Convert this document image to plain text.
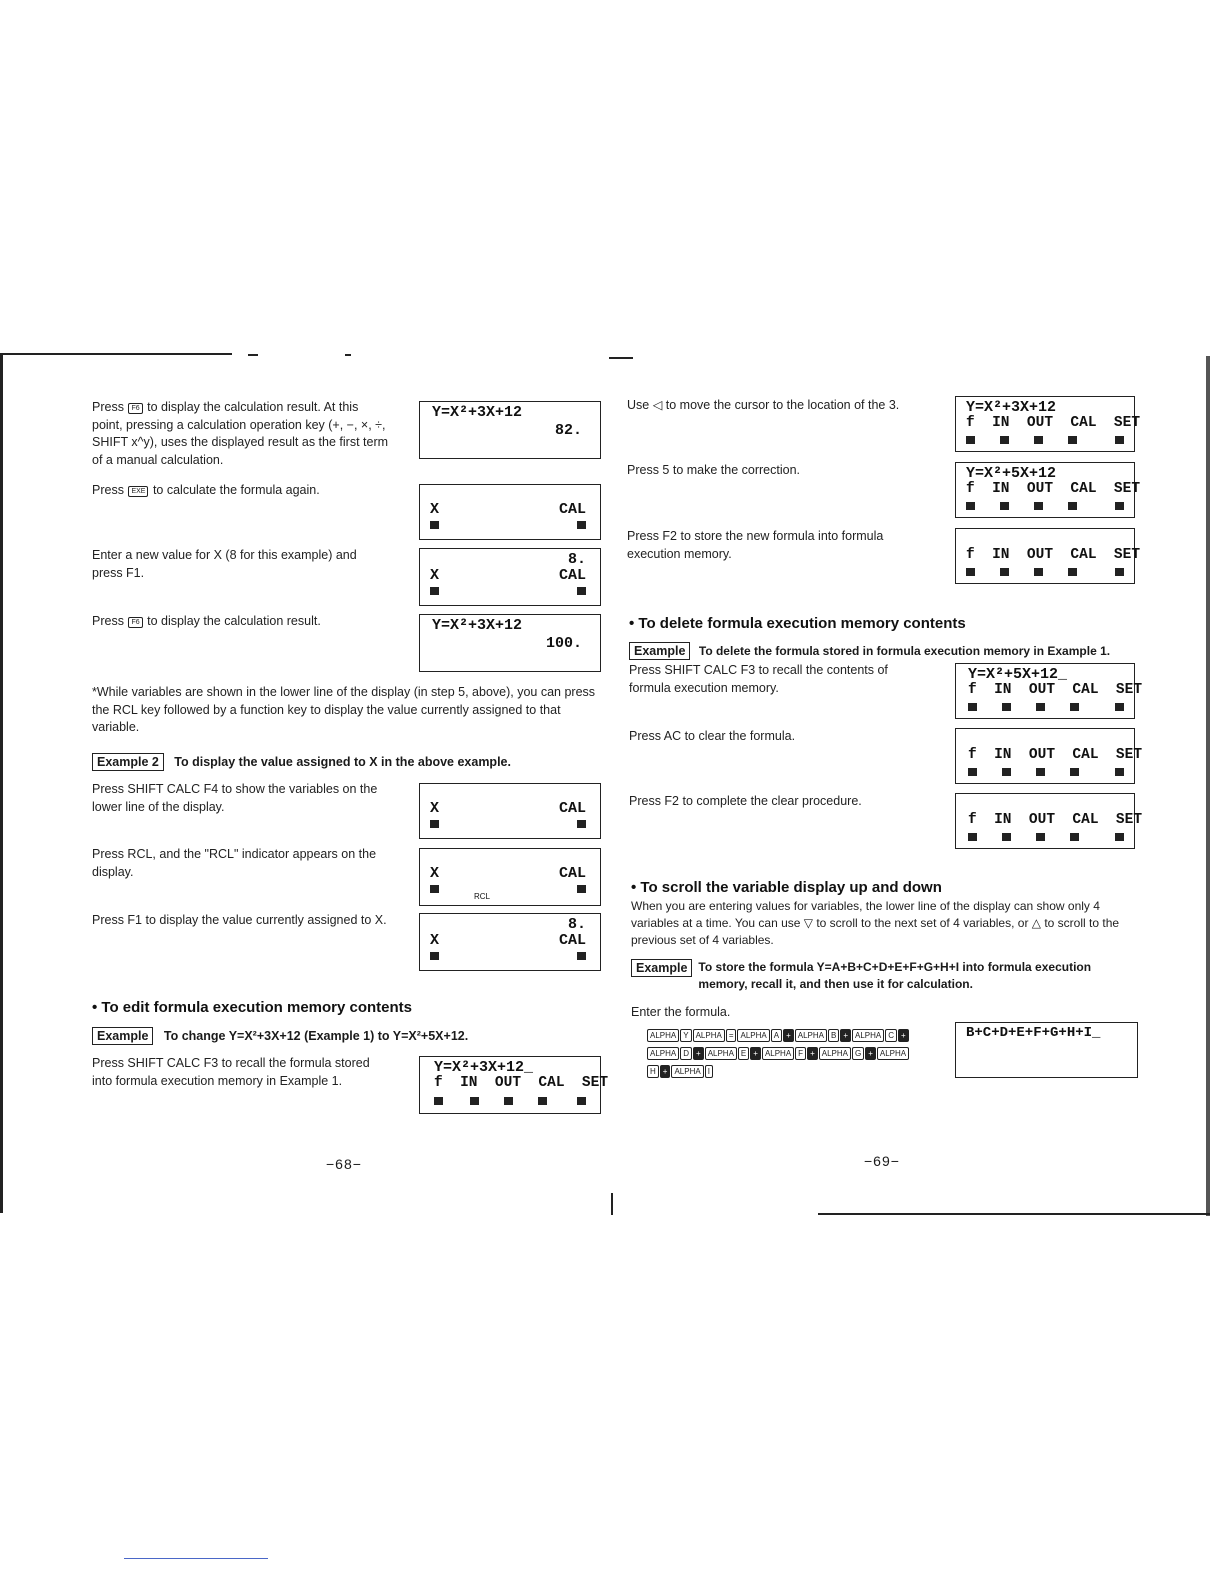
Press F6 to display the calculation result. At this point, pressing a calculation operation key (+, −, ×, ÷, SHIFT x^y), uses the displayed result as the first term of a manual calculation.
Y=X²+3X+12
82.
Press EXE to calculate the formula again.
X	CAL
Enter a new value for X (8 for this example) and press F1.
8.
X	CAL
Press F6 to display the calculation result.	Y=X²+3X+12
100.
*While variables are shown in the lower line of the display (in step 5, above), you can press the RCL key followed by a function key to display the value currently assigned to that variable.
Example 2 To display the value assigned to X in the above example.
Press SHIFT CALC F4 to show the variables on the lower line of the display.	X	CAL
Press RCL, and the "RCL" indicator appears on the display.	X	CAL
RCL
Press F1 to display the value currently assigned to X.	8.
X	CAL
• To edit formula execution memory contents
Example To change Y=X²+3X+12 (Example 1) to Y=X²+5X+12.
Press SHIFT CALC F3 to recall the formula stored into formula execution memory in Example 1.
Y=X²+3X+12_
f  IN  OUT  CAL  SET
−68−
Use ◁ to move the cursor to the location of the 3.	Y=X²+3X+12
f  IN  OUT  CAL  SET
Press 5 to make the correction.	Y=X²+5X+12
f  IN  OUT  CAL  SET
Press F2 to store the new formula into formula execution memory.	f  IN  OUT  CAL  SET
• To delete formula execution memory contents
Example To delete the formula stored in formula execution memory in Example 1.
Press SHIFT CALC F3 to recall the contents of formula execution memory.
Y=X²+5X+12_
f  IN  OUT  CAL  SET
Press AC to clear the formula.
f  IN  OUT  CAL  SET
Press F2 to complete the clear procedure.
f  IN  OUT  CAL  SET
• To scroll the variable display up and down
When you are entering values for variables, the lower line of the display can show only 4 variables at a time. You can use ▽ to scroll to the next set of 4 variables, or △ to scroll to the previous set of 4 variables.
Example To store the formula Y=A+B+C+D+E+F+G+H+I into formula execution memory, recall it, and then use it for calculation.
Enter the formula.
ALPHA Y ALPHA = ALPHA A + ALPHA B + ALPHA C +
ALPHA D + ALPHA E + ALPHA F + ALPHA G + ALPHA
H + ALPHA I
B+C+D+E+F+G+H+I_
−69−
